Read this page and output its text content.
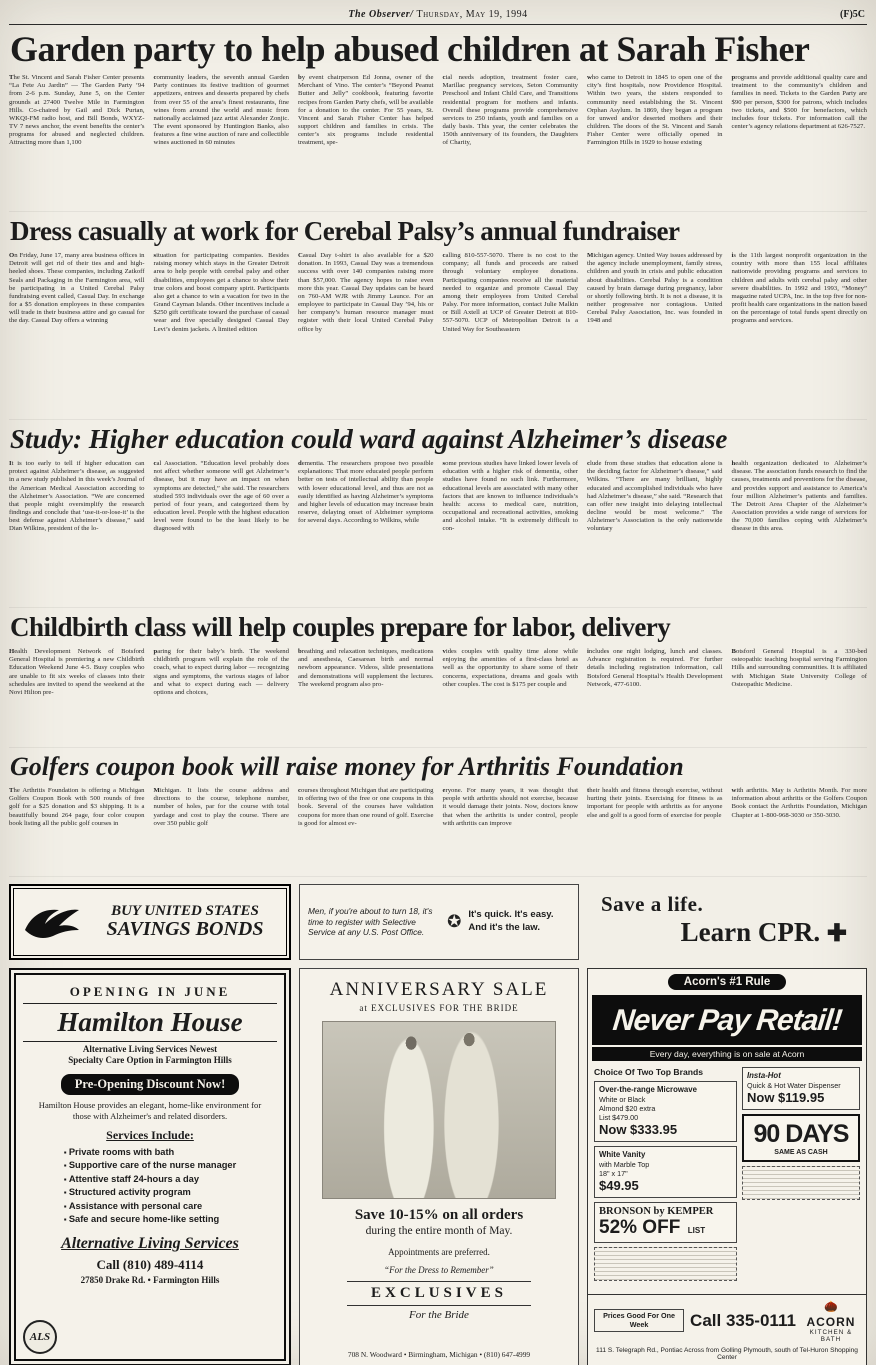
The Observer/ Thursday, May 19, 1994	(F)5C
Garden party to help abused children at Sarah Fisher

The St. Vincent and Sarah Fisher Center presents “La Fete Au Jardin” — The Garden Party ’94 from 2-6 p.m. Sunday, June 5, on the Center grounds at 27400 Twelve Mile in Farmington Hills. Co-chaired by Gail and Dick Purtan, WKQI-FM radio host, and Bill Bonds, WXYZ-TV 7 news anchor, the event benefits the center’s programs for abused and neglected children. Attracting more than 1,100

community leaders, the seventh annual Garden Party continues its festive tradition of gourmet appetizers, entrees and desserts prepared by chefs from over 55 of the area’s finest restaurants, fine wines from around the world and music from nationally acclaimed jazz artist Alexander Zonjic. The event sponsored by Huntington Banks, also features a fine wine auction of rare and collectible wines auctioned in 60 minutes

by event chairperson Ed Jonna, owner of the Merchant of Vino. The center’s “Beyond Peanut Butter and Jelly” cookbook, featuring favorite recipes from Garden Party chefs, will be available for a donation to the center. For 55 years, St. Vincent and Sarah Fisher Center has helped support children and families in crisis. The center’s six programs include residential treatment, spe-

cial needs adoption, treatment foster care, Marillac pregnancy services, Seton Community Preschool and Infant Child Care, and Transitions residential program for mothers and infants. Overall these programs provide comprehensive services to 250 infants, youth and families on a daily basis. This year, the center celebrates the 150th anniversary of its founders, the Daughters of Charity,

who came to Detroit in 1845 to open one of the city’s first hospitals, now Providence Hospital. Within two years, the sisters responded to community need establishing the St. Vincent Orphan Asylum. In 1869, they began a program for unwed and/or deserted mothers and their children. The doors of the St. Vincent and Sarah Fisher Center were officially opened in Farmington Hills in 1929 to house existing

programs and provide additional quality care and treatment to the community’s children and families in need. Tickets to the Garden Party are $90 per person, $300 for patrons, which includes two tickets, and $500 for benefactors, which includes four tickets. For information call the center’s agency relations department at 626-7527.

Dress casually at work for Cerebal Palsy’s annual fundraiser

On Friday, June 17, many area business offices in Detroit will get rid of their ties and and high-heeled shoes. These companies, including Zatkoff Seals and Packaging in the Farmington area, will be participating in a United Cerebal Palsy fundraising event called, Casual Day. In exchange for a $5 donation employees in these companies will trade in their business attire and go casual for the day. Casual Day offers a winning

situation for participating companies. Besides raising money which stays in the Greater Detroit area to help people with cerebal palsy and other disabilities, employees get a chance to show their true colors and boost company spirit. Participants also get a chance to win a vacation for two in the Grand Cayman Islands. Other incentives include a $250 gift certificate toward the purchase of casual wear and five specially designed Casual Day Levi’s denim jackets. A limited edition

Casual Day t-shirt is also available for a $20 donation. In 1993, Casual Day was a tremendous success with over 140 companies raising more than $57,000. The agency hopes to raise even more this year. Casual Day updates can be heard on 760-AM WJR with Jimmy Launce. For an employee to participate in Casual Day ’94, his or her company’s human resource manager must register with their local United Cerebal Palsy office by

calling 810-557-5070. There is no cost to the company; all funds and proceeds are raised through voluntary employee donations. Participating companies receive all the material needed to organize and promote Casual Day among their employees from United Cerebal Palsy. For more information, contact Julie Malkin or Bill Axtell at UCP of Greater Detroit at 810-557-5070. UCP of Metropolitan Detroit is a United Way for Southeastern

Michigan agency. United Way issues addressed by the agency include unemployment, family stress, children and youth in crisis and public education about disabilities. Cerebal Palsy is a condition caused by brain damage during pregnancy, labor or shortly following birth. It is not a disease, it is neither progressive nor contagious. United Cerebal Palsy Association, Inc. was founded in 1948 and

is the 11th largest nonprofit organization in the country with more than 155 local affiliates nationwide providing programs and services to children and adults with cerebal palsy and other severe disabilities. In 1992 and 1993, “Money” magazine rated UCPA, Inc. in the top five for non-profit health care organizations in the nation based on the percentage of total funds spent directly on programs and services.

Study: Higher education could ward against Alzheimer’s disease

It is too early to tell if higher education can protect against Alzheimer’s disease, as suggested in a new study published in this week’s Journal of the American Medical Association according to the Alzheimer’s Association. “We are concerned that people might oversimplify the research findings and conclude that ‘use-it-or-lose-it’ is the best defense against Alzheimer’s disease,” said Dian Wilkins, president of the lo-

cal Association. “Education level probably does not affect whether someone will get Alzheimer’s disease, but it may have an impact on when symptoms are detected,” she said. The researchers studied 593 individuals over the age of 60 over a period of four years, and categorized them by education level. People with the highest education level were found to be the least likely to be diagnosed with

dementia. The researchers propose two possible explanations: That more educated people perform better on tests of intellectual ability than people with lower educational level, and thus are not as easily identified as having Alzheimer’s symptoms and higher levels of education may increase brain reserve, delaying onset of Alzheimer symptoms for several days. According to Wilkins, while

some previous studies have linked lower levels of education with a higher risk of dementia, other studies have found no such link. Furthermore, educational levels are associated with many other factors that are known to influence individuals’s health: access to medical care, nutrition, occupational and recreational activities, smoking and alcohol intake. “It is extremely difficult to con-

clude from these studies that education alone is the deciding factor for Alzheimer’s disease,” said Wilkins. “There are many brilliant, highly educated and accomplished individuals who have had Alzheimer’s disease,” she said. “Research that can offer new insight into delaying intellectual decline would be most welcome.” The Alzheimer’s Association is the only nationwide voluntary

health organization dedicated to Alzheimer’s disease. The association funds research to find the causes, treatments and preventions for the disease, and provides support and assistance to America’s four million Alzheimer’s patients and families. The Detroit Area Chapter of the Alzheimer’s Association provides a wide range of services for the 70,000 families coping with Alzheimer’s disease in this area.

Childbirth class will help couples prepare for labor, delivery

Health Development Network of Botsford General Hospital is premiering a new Childbirth Education Weekend June 4-5. Busy couples who are unable to fit six weeks of classes into their schedules are invited to spend the weekend at the Novi Hilton pre-

paring for their baby’s birth. The weekend childbirth program will explain the role of the coach, what to expect during labor — recognizing signs and symptoms, the various stages of labor and what to expect during each — delivery options and choices,

breathing and relaxation techniques, medications and anesthesia, Caesarean birth and normal newborn appearance. Videos, slide presentations and demonstrations will supplement the lectures. The weekend program also pro-

vides couples with quality time alone while enjoying the amenities of a first-class hotel as well as the opportunity to share some of their concerns, expectations, dreams and goals with other couples. The cost is $175 per couple and

includes one night lodging, lunch and classes. Advance registration is required. For further details including registration information, call Botsford General Hospital’s Health Development Network, 477-6100.

Botsford General Hospital is a 330-bed osteopathic teaching hospital serving Farmington Hills and surrounding communities. It is affiliated with Michigan State University College of Osteopathic Medicine.

Golfers coupon book will raise money for Arthritis Foundation

The Arthritis Foundation is offering a Michigan Golfers Coupon Book with 500 rounds of free golf for a $25 donation and $3 shipping. It is a beautifully bound 264 page, four color coupon book listing all the public golf courses in

Michigan. It lists the course address and directions to the course, telephone number, number of holes, par for the course with total yardage and cost to play the course. There are over 350 public golf

courses throughout Michigan that are participating in offering two of the free or one coupons in this book. Several of the courses have validation coupons for more than one round of golf. Exercise is good for almost ev-

eryone. For many years, it was thought that people with arthritis should not exercise, because it would damage their joints. Now, doctors know that when the arthritis is under control, people with arthritis can improve

their health and fitness through exercise, without hurting their joints. Exercising for fitness is as important for people with arthritis as for anyone else and golf is a good form of exercise for people

with arthritis. May is Arthritis Month. For more information about arthritis or the Golfers Coupon Book contact the Arthritis Foundation, Michigan Chapter at 1-800-968-3030 or 350-3030.

BUY UNITED STATES
SAVINGS BONDS

Men, if you're about to turn 18, it's time to register with Selective Service at any U.S. Post Office.

✪ It's quick. It's easy.
And it's the law.
Save a life.
Learn CPR. ✚
OPENING IN JUNE
Hamilton House
Alternative Living Services Newest
Specialty Care Option in Farmington Hills
Pre-Opening Discount Now!
Hamilton House provides an elegant, home-like environment for those with Alzheimer's and related disorders.
Services Include:
▪ Private rooms with bath
▪ Supportive care of the nurse manager
▪ Attentive staff 24-hours a day
▪ Structured activity program
▪ Assistance with personal care
▪ Safe and secure home-like setting
Alternative Living Services
Call (810) 489-4114
27850 Drake Rd. • Farmington Hills
ALS
ANNIVERSARY SALE
at EXCLUSIVES FOR THE BRIDE
Save 10-15% on all orders
during the entire month of May.
Appointments are preferred.
“For the Dress to Remember”
EXCLUSIVES
For the Bride
708 N. Woodward • Birmingham, Michigan • (810) 647-4999
Acorn's #1 Rule
Never Pay Retail!
Every day, everything is on sale at Acorn
Choice Of Two Top Brands
Over-the-range Microwave
White or Black
Almond $20 extra
List $479.00
Now $333.95
White Vanity
with Marble Top
18" x 17"
$49.95
BRONSON by KEMPER
52% OFF LIST
Insta-Hot
Quick & Hot Water Dispenser
Now $119.95
90 DAYS
SAME AS CASH
Prices Good For One Week	Call 335-0111
🌰 ACORN
KITCHEN & BATH
111 S. Telegraph Rd., Pontiac Across from Golling Plymouth, south of Tel-Huron Shopping Center
